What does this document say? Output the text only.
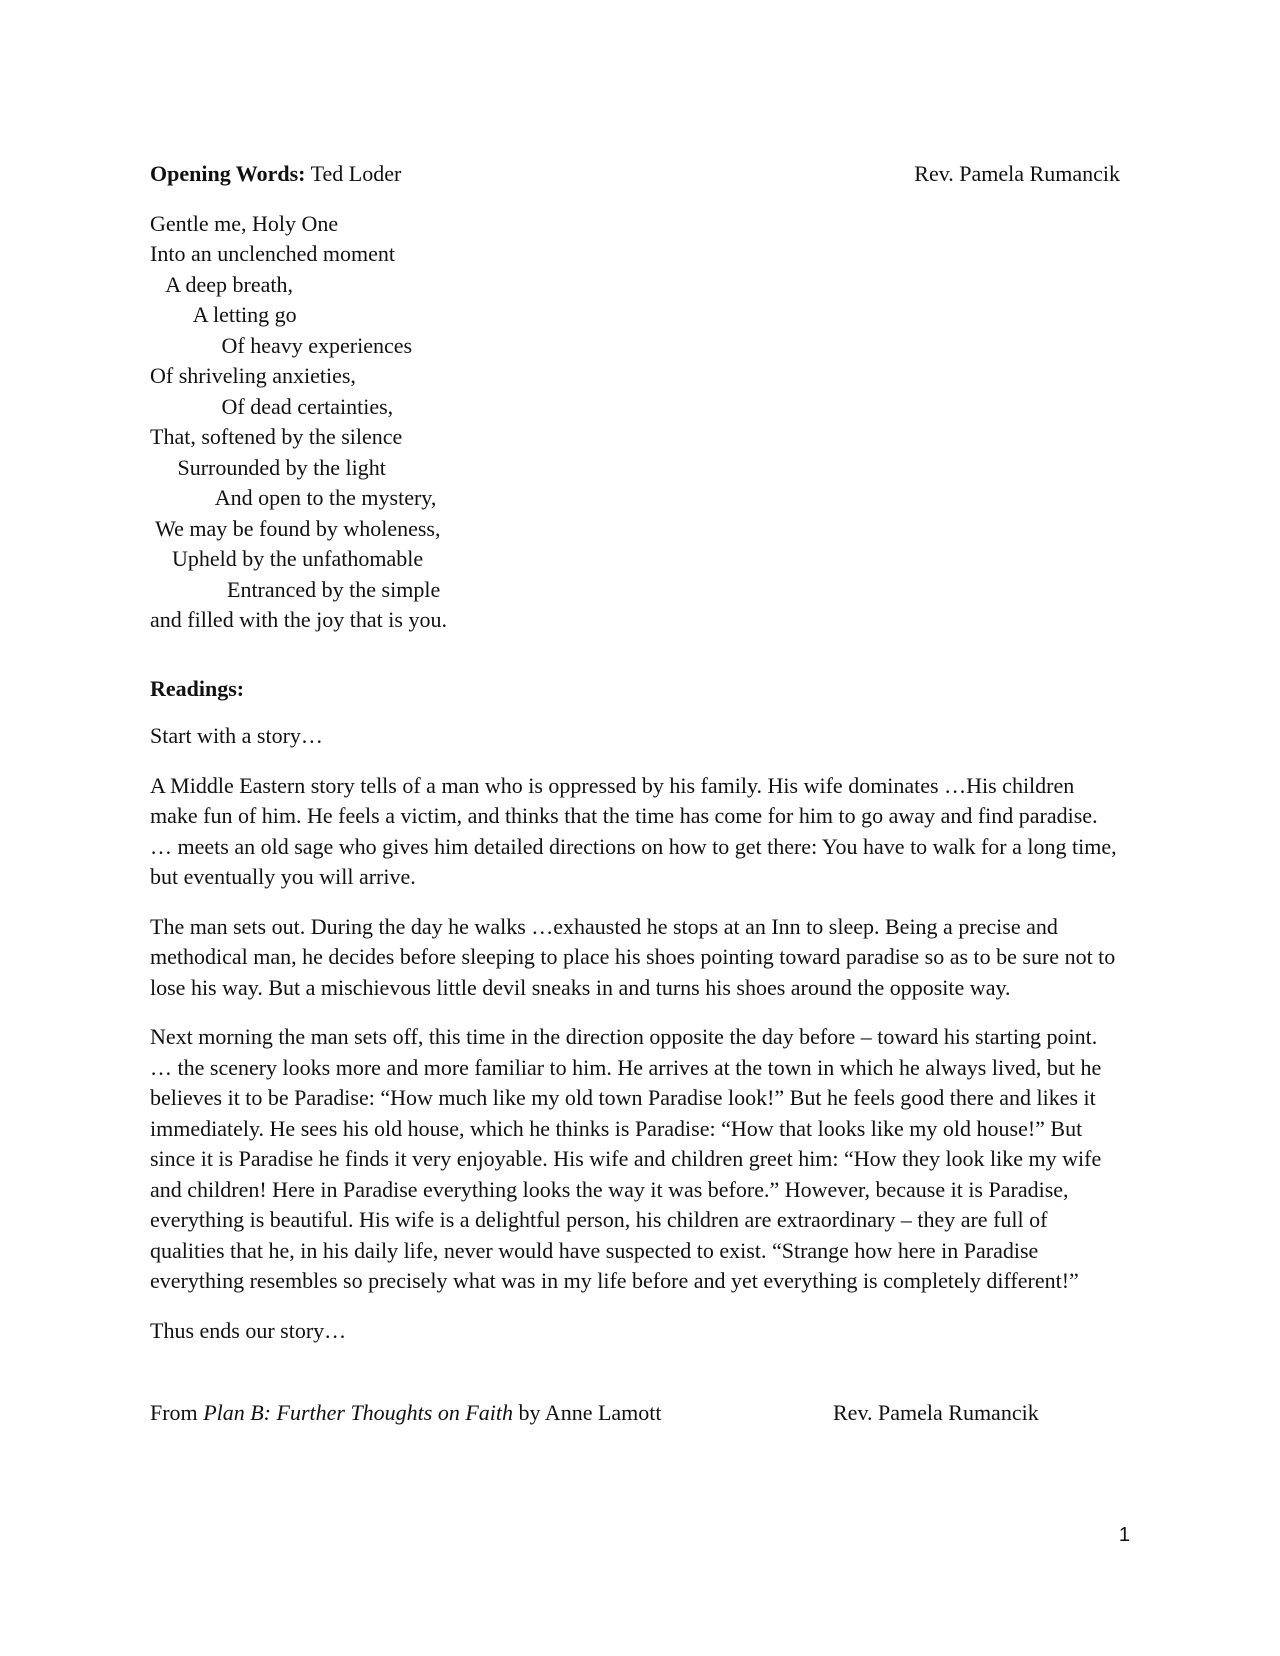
Opening Words: Ted Loder	Rev. Pamela Rumancik
Gentle me, Holy One
Into an unclenched moment
A deep breath,
A letting go
Of heavy experiences
Of shriveling anxieties,
Of dead certainties,
That, softened by the silence
Surrounded by the light
And open to the mystery,
We may be found by wholeness,
Upheld by the unfathomable
Entranced by the simple
and filled with the joy that is you.
Readings:

Start with a story…

A Middle Eastern story tells of a man who is oppressed by his family. His wife dominates …His children make fun of him. He feels a victim, and thinks that the time has come for him to go away and find paradise. … meets an old sage who gives him detailed directions on how to get there: You have to walk for a long time, but eventually you will arrive.

The man sets out. During the day he walks …exhausted he stops at an Inn to sleep. Being a precise and methodical man, he decides before sleeping to place his shoes pointing toward paradise so as to be sure not to lose his way. But a mischievous little devil sneaks in and turns his shoes around the opposite way.

Next morning the man sets off, this time in the direction opposite the day before – toward his starting point. … the scenery looks more and more familiar to him. He arrives at the town in which he always lived, but he believes it to be Paradise: “How much like my old town Paradise look!” But he feels good there and likes it immediately. He sees his old house, which he thinks is Paradise: “How that looks like my old house!” But since it is Paradise he finds it very enjoyable. His wife and children greet him: “How they look like my wife and children! Here in Paradise everything looks the way it was before.” However, because it is Paradise, everything is beautiful. His wife is a delightful person, his children are extraordinary – they are full of qualities that he, in his daily life, never would have suspected to exist. “Strange how here in Paradise everything resembles so precisely what was in my life before and yet everything is completely different!”

Thus ends our story…

From Plan B: Further Thoughts on Faith by Anne Lamott	Rev. Pamela Rumancik
1
